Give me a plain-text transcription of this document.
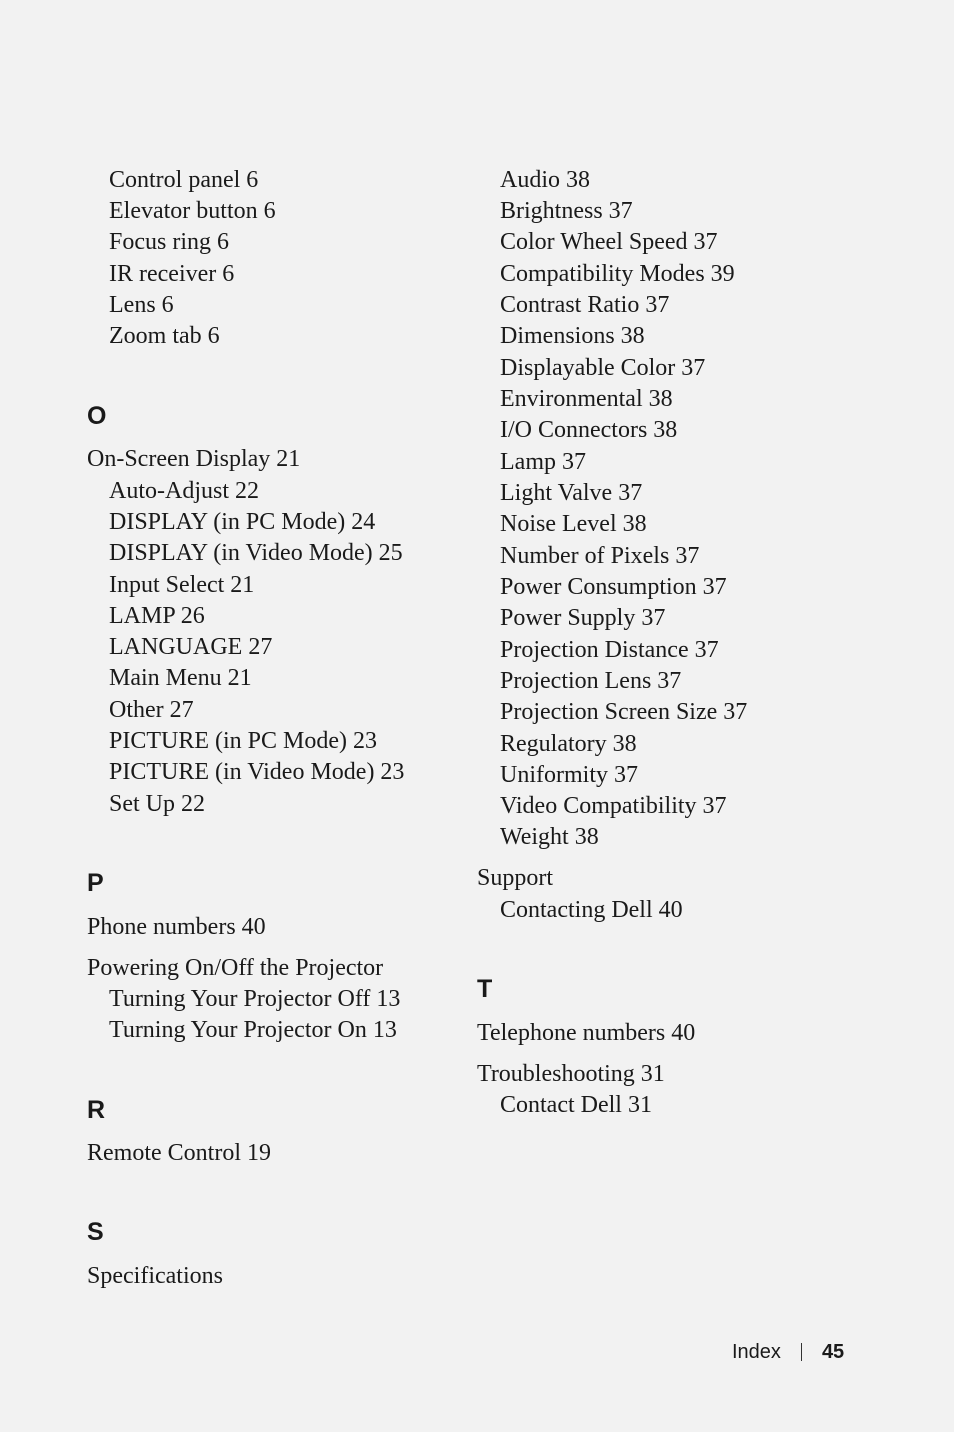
Control panel 6
Elevator button 6
Focus ring 6
IR receiver 6
Lens 6
Zoom tab 6
O
On-Screen Display 21
Auto-Adjust 22
DISPLAY (in PC Mode) 24
DISPLAY (in Video Mode) 25
Input Select 21
LAMP 26
LANGUAGE 27
Main Menu 21
Other 27
PICTURE (in PC Mode) 23
PICTURE (in Video Mode) 23
Set Up 22
P
Phone numbers 40
Powering On/Off the Projector
Turning Your Projector Off 13
Turning Your Projector On 13
R
Remote Control 19
S
Specifications
Audio 38
Brightness 37
Color Wheel Speed 37
Compatibility Modes 39
Contrast Ratio 37
Dimensions 38
Displayable Color 37
Environmental 38
I/O Connectors 38
Lamp 37
Light Valve 37
Noise Level 38
Number of Pixels 37
Power Consumption 37
Power Supply 37
Projection Distance 37
Projection Lens 37
Projection Screen Size 37
Regulatory 38
Uniformity 37
Video Compatibility 37
Weight 38
Support
Contacting Dell 40
T
Telephone numbers 40
Troubleshooting 31
Contact Dell 31
Index 45
